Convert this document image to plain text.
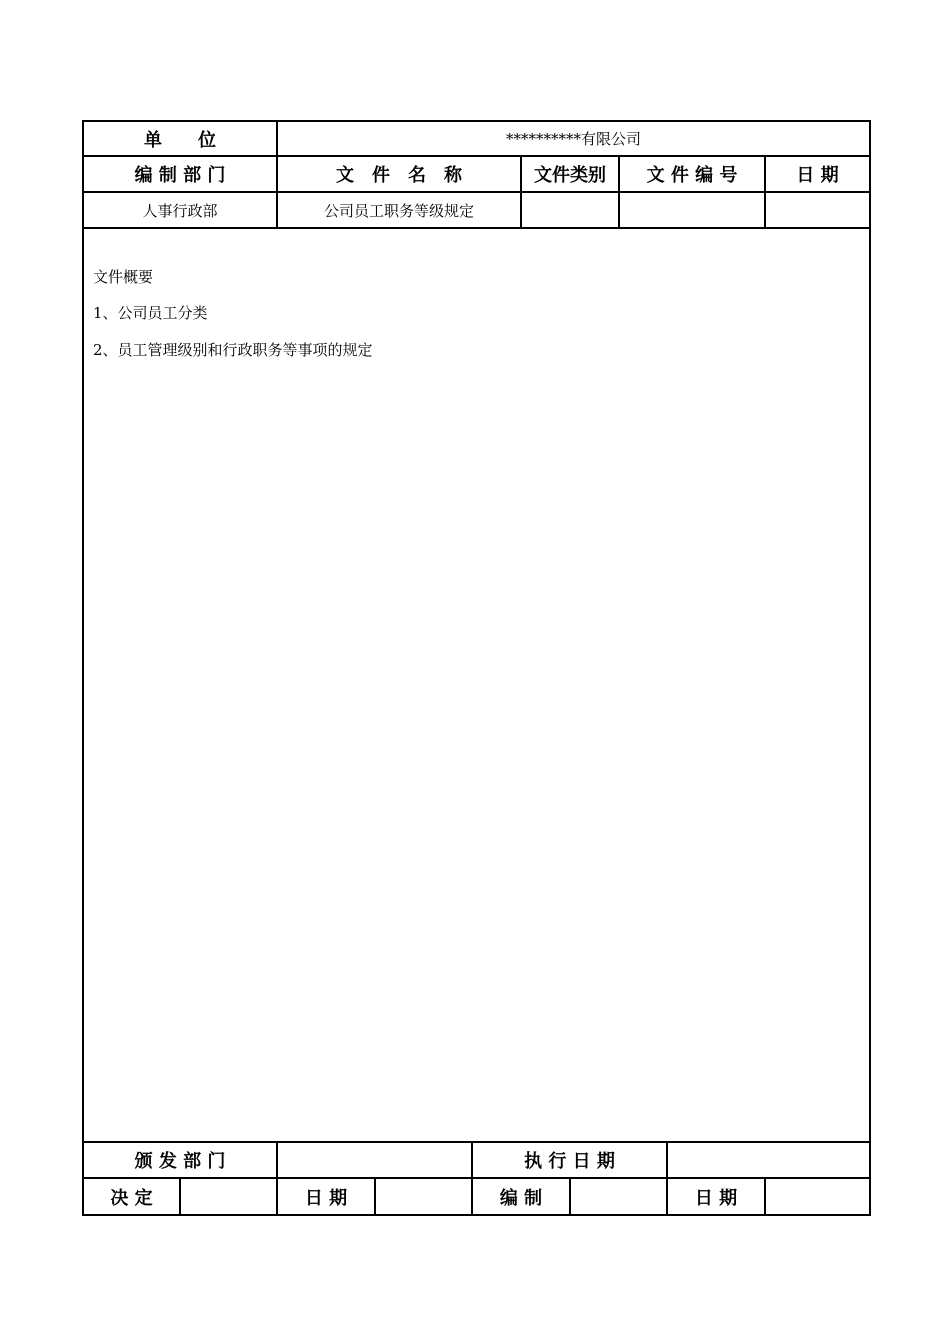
单　　位	**********有限公司
编 制 部 门	文　件　名　称	文件类别	文 件 编 号	日 期
人事行政部	公司员工职务等级规定
文件概要
1、公司员工分类
2、员工管理级别和行政职务等事项的规定
颁 发 部 门	执 行 日 期
决 定	日 期	编 制	日 期
